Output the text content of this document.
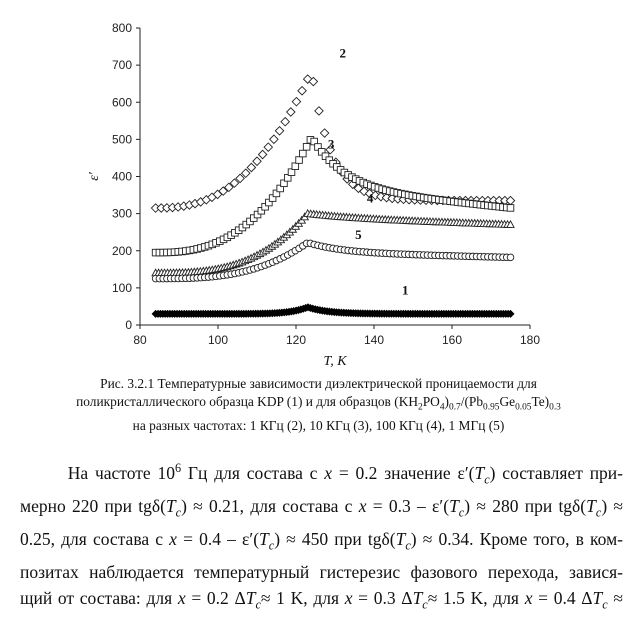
0
100
200
300
400
500
600
700
800
80	100	120	140	160	180
T, K
ε′
2
3
4
5
1
Рис. 3.2.1 Температурные зависимости диэлектрической проницаемости для
поликристаллического образца KDP (1) и для образцов $(KH_2PO_4)_{0.7}/(Pb_{0.95}Ge_{0.05}Te)_{0.3}$
на разных частотах: 1 КГц (2), 10 КГц (3), 100 КГц (4), 1 МГц (5)
На частоте $10^6$ Гц для состава с x = 0.2 значение $\varepsilon'(T_c)$ составляет при-
мерно 220 при $tg\delta(T_c) \approx 0.21$, для состава с $x = 0.3 - \varepsilon'(T_c) \approx 280$ при $tg\delta(T_c)$ ≈
0.25, для состава с $x = 0.4 - \varepsilon'(T_c) \approx 450$ при $tg\delta(T_c) \approx 0.34$. Кроме того, в ком-
позитах наблюдается температурный гистерезис фазового перехода, завися-
щий от состава: для x = 0.2 $\Delta T_c\approx 1$ K, для x = 0.3 $\Delta T_c\approx 1.5$ K, для x = 0.4 $\Delta T_c$ ≈
